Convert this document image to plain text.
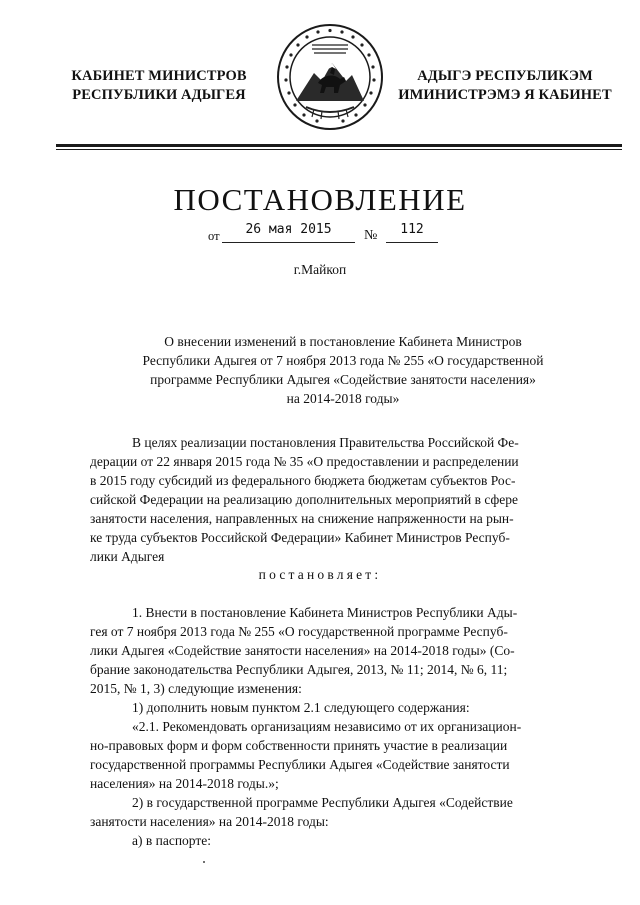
КАБИНЕТ МИНИСТРОВ
РЕСПУБЛИКИ АДЫГЕЯ
АДЫГЭ РЕСПУБЛИКЭМ
ИМИНИСТРЭМЭ Я КАБИНЕТ
ПОСТАНОВЛЕНИЕ
от	26 мая 2015	№	112
г.Майкоп
О внесении изменений в постановление Кабинета Министров
Республики Адыгея от 7 ноября 2013 года № 255 «О государственной
программе Республики Адыгея «Содействие занятости населения»
на 2014-2018 годы»
В целях реализации постановления Правительства Российской Фе-
дерации от 22 января 2015 года № 35 «О предоставлении и распределении
в 2015 году субсидий из федерального бюджета бюджетам субъектов Рос-
сийской Федерации на реализацию дополнительных мероприятий в сфере
занятости населения, направленных на снижение напряженности на рын-
ке труда субъектов Российской Федерации» Кабинет Министров Респуб-
лики Адыгея
постановляет:
1. Внести в постановление Кабинета Министров Республики Ады-
гея от 7 ноября 2013 года № 255 «О государственной программе Респуб-
лики Адыгея «Содействие занятости населения» на 2014-2018 годы» (Со-
брание законодательства Республики Адыгея, 2013, № 11; 2014, № 6, 11;
2015, № 1, 3) следующие изменения:
1) дополнить новым пунктом 2.1 следующего содержания:
«2.1. Рекомендовать организациям независимо от их организацион-
но-правовых форм и форм собственности принять участие в реализации
государственной программы Республики Адыгея «Содействие занятости
населения» на 2014-2018 годы.»;
2) в государственной программе Республики Адыгея «Содействие
занятости населения» на 2014-2018 годы:
а) в паспорте:
